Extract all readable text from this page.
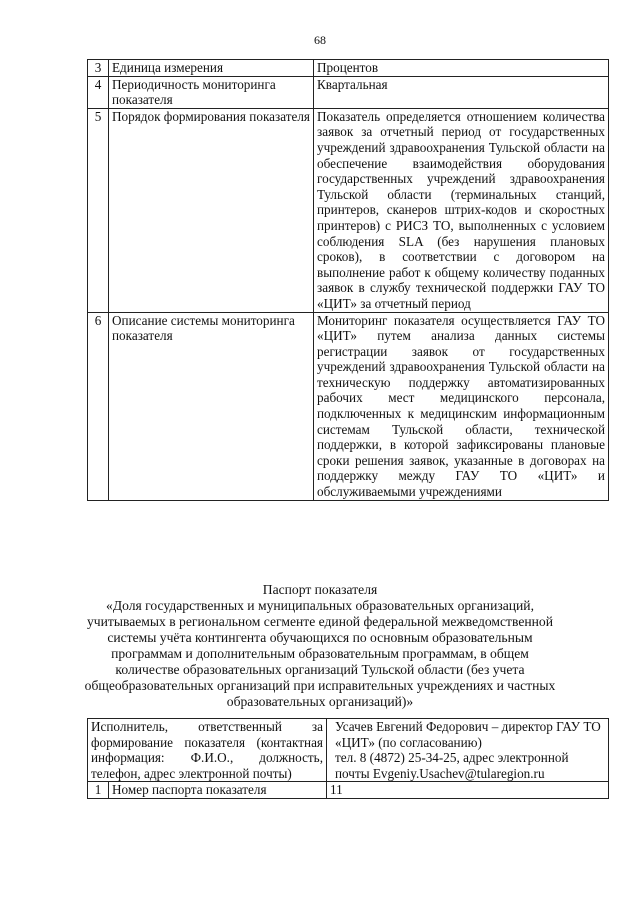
68
3	Единица измерения	Процентов
4	Периодичность мониторинга показателя	Квартальная
5	Порядок формирования показателя	Показатель определяется отношением количества заявок за отчетный период от государственных учреждений здравоохранения Тульской области на обеспечение взаимодействия оборудования государственных учреждений здравоохранения Тульской области (терминальных станций, принтеров, сканеров штрих-кодов и скоростных принтеров) с РИСЗ ТО, выполненных с условием соблюдения SLA (без нарушения плановых сроков), в соответствии с договором на выполнение работ к общему количеству поданных заявок в службу технической поддержки ГАУ ТО «ЦИТ» за отчетный период
6	Описание системы мониторинга показателя	Мониторинг показателя осуществляется ГАУ ТО «ЦИТ» путем анализа данных системы регистрации заявок от государственных учреждений здравоохранения Тульской области на техническую поддержку автоматизированных рабочих мест медицинского персонала, подключенных к медицинским информационным системам Тульской области, технической поддержки, в которой зафиксированы плановые сроки решения заявок, указанные в договорах на поддержку между ГАУ ТО «ЦИТ» и обслуживаемыми учреждениями

Паспорт показателя

«Доля государственных и муниципальных образовательных организаций, учитываемых в региональном сегменте единой федеральной межведомственной системы учёта контингента обучающихся по основным образовательным программам и дополнительным образовательным программам, в общем количестве образовательных организаций Тульской области (без учета общеобразовательных организаций при исправительных учреждениях и частных образовательных организаций)»

Исполнитель, ответственный за формирование показателя (контактная информация: Ф.И.О., должность, телефон, адрес электронной почты)		Усачев Евгений Федорович – директор ГАУ ТО «ЦИТ» (по согласованию)
тел. 8 (4872) 25-34-25, адрес электронной почты Evgeniy.Usachev@tularegion.ru

1	Номер паспорта показателя	11
